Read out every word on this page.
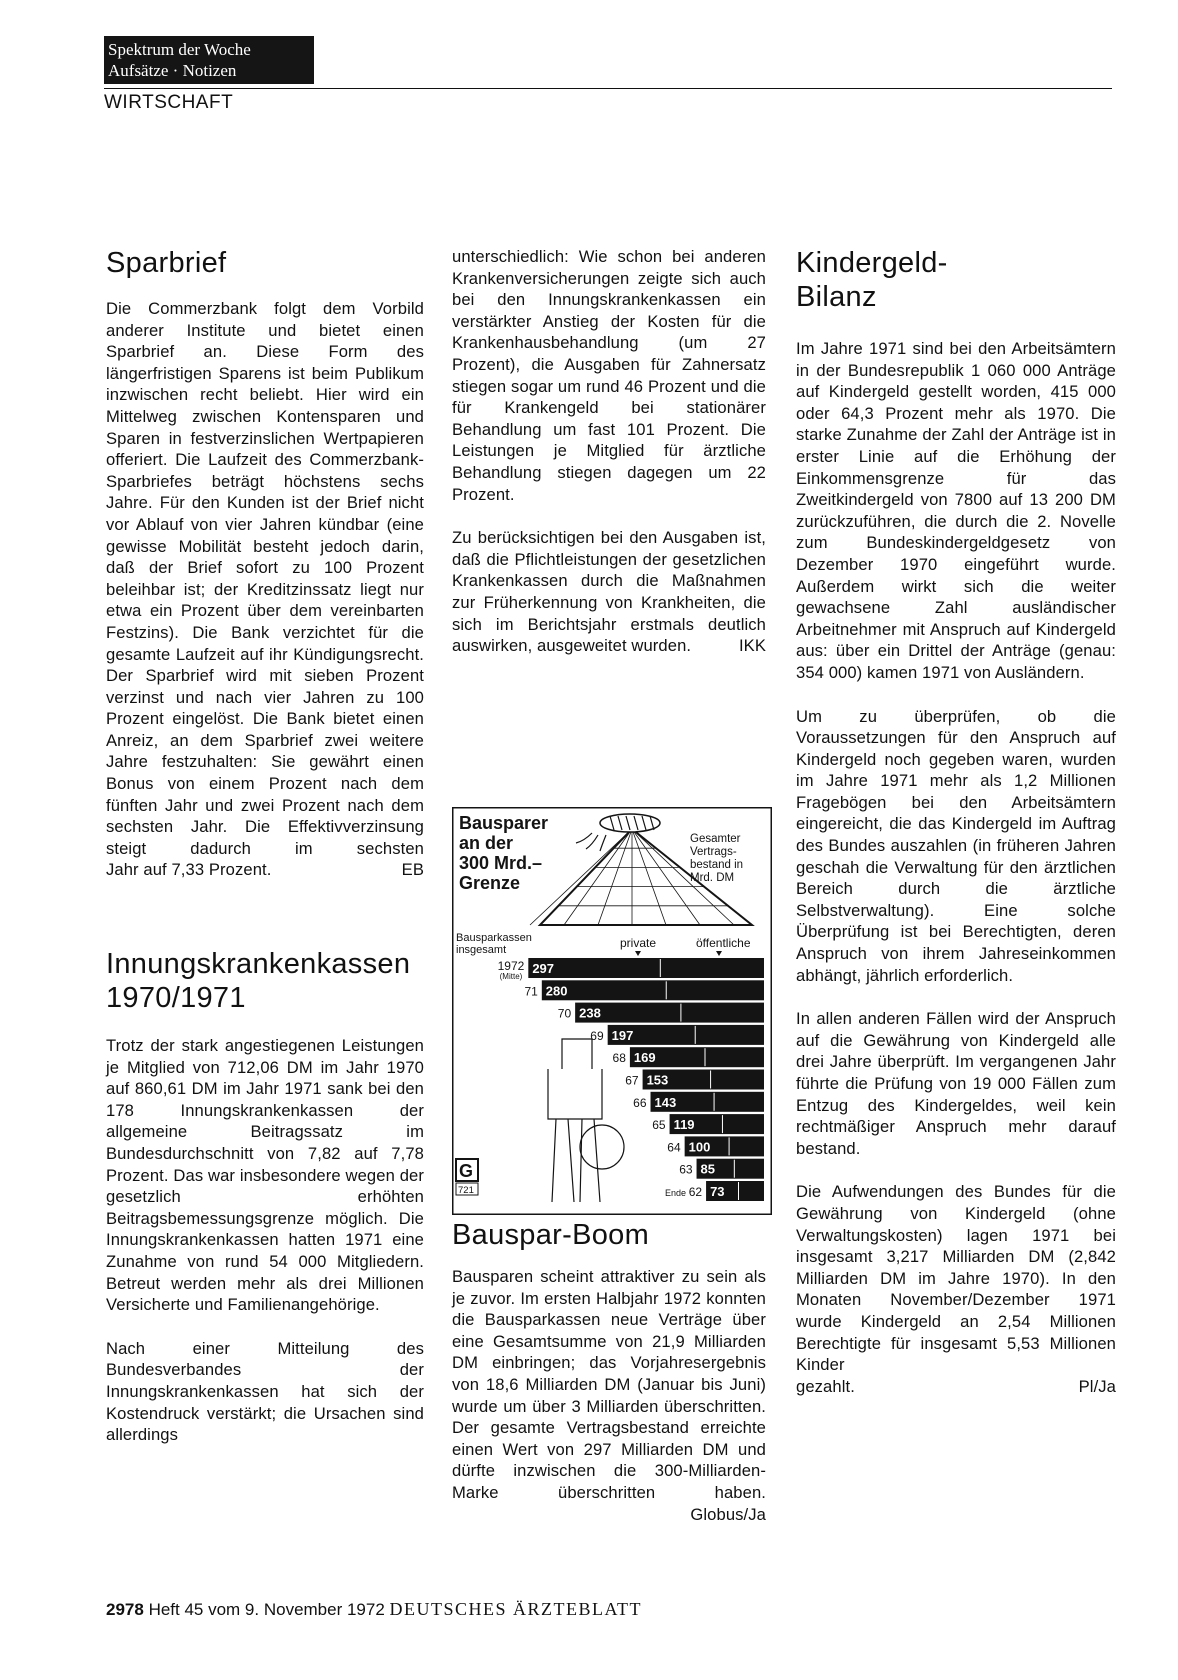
Spektrum der Woche
Aufsätze · Notizen
WIRTSCHAFT
Sparbrief

Die Commerzbank folgt dem Vorbild anderer Institute und bietet einen Sparbrief an. Diese Form des längerfristigen Sparens ist beim Publikum inzwischen recht beliebt. Hier wird ein Mittelweg zwischen Kontensparen und Sparen in festverzinslichen Wertpapieren offeriert. Die Laufzeit des Commerzbank-Sparbriefes beträgt höchstens sechs Jahre. Für den Kunden ist der Brief nicht vor Ablauf von vier Jahren kündbar (eine gewisse Mobilität besteht jedoch darin, daß der Brief sofort zu 100 Prozent beleihbar ist; der Kreditzinssatz liegt nur etwa ein Prozent über dem vereinbarten Festzins). Die Bank verzichtet für die gesamte Laufzeit auf ihr Kündigungsrecht. Der Sparbrief wird mit sieben Prozent verzinst und nach vier Jahren zu 100 Prozent eingelöst. Die Bank bietet einen Anreiz, an dem Sparbrief zwei weitere Jahre festzuhalten: Sie gewährt einen Bonus von einem Prozent nach dem fünften Jahr und zwei Prozent nach dem sechsten Jahr. Die Effektivverzinsung steigt dadurch im sechsten

Jahr auf 7,33 Prozent.	EB

Innungskrankenkassen
1970/1971

Trotz der stark angestiegenen Leistungen je Mitglied von 712,06 DM im Jahr 1970 auf 860,61 DM im Jahr 1971 sank bei den 178 Innungskrankenkassen der allgemeine Beitragssatz im Bundesdurchschnitt von 7,82 auf 7,78 Prozent. Das war insbesondere wegen der gesetzlich erhöhten Beitragsbemessungsgrenze möglich. Die Innungskrankenkassen hatten 1971 eine Zunahme von rund 54 000 Mitgliedern. Betreut werden mehr als drei Millionen Versicherte und Familienangehörige.

Nach einer Mitteilung des Bundesverbandes der Innungskrankenkassen hat sich der Kostendruck verstärkt; die Ursachen sind allerdings

unterschiedlich: Wie schon bei anderen Krankenversicherungen zeigte sich auch bei den Innungskrankenkassen ein verstärkter Anstieg der Kosten für die Krankenhausbehandlung (um 27 Prozent), die Ausgaben für Zahnersatz stiegen sogar um rund 46 Prozent und die für Krankengeld bei stationärer Behandlung um fast 101 Prozent. Die Leistungen je Mitglied für ärztliche Behandlung stiegen dagegen um 22 Prozent.

Zu berücksichtigen bei den Ausgaben ist, daß die Pflichtleistungen der gesetzlichen Krankenkassen durch die Maßnahmen zur Früherkennung von Krankheiten, die sich im Berichtsjahr erstmals deutlich

auswirken, ausgeweitet wurden.	IKK

Bausparer
an der
300 Mrd.–
Grenze
Gesamter
Vertrags-
bestand in
Mrd. DM
Bausparkassen
insgesamt	private	öffentliche
297
1972
(Mitte)
280
71
238
70
197
69
169
68
153
67
143
66
119
65
100
64
85
63
73
Ende 62
G
721
Bauspar-Boom

Bausparen scheint attraktiver zu sein als je zuvor. Im ersten Halbjahr 1972 konnten die Bausparkassen neue Verträge über eine Gesamtsumme von 21,9 Milliarden DM einbringen; das Vorjahresergebnis von 18,6 Milliarden DM (Januar bis Juni) wurde um über 3 Milliarden überschritten. Der gesamte Vertragsbestand erreichte einen Wert von 297 Milliarden DM und dürfte inzwischen die 300-Milliarden-Marke überschritten haben.

Globus/Ja

Kindergeld-
Bilanz

Im Jahre 1971 sind bei den Arbeitsämtern in der Bundesrepublik 1 060 000 Anträge auf Kindergeld gestellt worden, 415 000 oder 64,3 Prozent mehr als 1970. Die starke Zunahme der Zahl der Anträge ist in erster Linie auf die Erhöhung der Einkommensgrenze für das Zweitkindergeld von 7800 auf 13 200 DM zurückzuführen, die durch die 2. Novelle zum Bundeskindergeldgesetz von Dezember 1970 eingeführt wurde. Außerdem wirkt sich die weiter gewachsene Zahl ausländischer Arbeitnehmer mit Anspruch auf Kindergeld aus: über ein Drittel der Anträge (genau: 354 000) kamen 1971 von Ausländern.

Um zu überprüfen, ob die Voraussetzungen für den Anspruch auf Kindergeld noch gegeben waren, wurden im Jahre 1971 mehr als 1,2 Millionen Fragebögen bei den Arbeitsämtern eingereicht, die das Kindergeld im Auftrag des Bundes auszahlen (in früheren Jahren geschah die Verwaltung für den ärztlichen Bereich durch die ärztliche Selbstverwaltung). Eine solche Überprüfung ist bei Berechtigten, deren Anspruch von ihrem Jahreseinkommen abhängt, jährlich erforderlich.

In allen anderen Fällen wird der Anspruch auf die Gewährung von Kindergeld alle drei Jahre überprüft. Im vergangenen Jahr führte die Prüfung von 19 000 Fällen zum Entzug des Kindergeldes, weil kein rechtmäßiger Anspruch mehr darauf bestand.

Die Aufwendungen des Bundes für die Gewährung von Kindergeld (ohne Verwaltungskosten) lagen 1971 bei insgesamt 3,217 Milliarden DM (2,842 Milliarden DM im Jahre 1970). In den Monaten November/Dezember 1971 wurde Kindergeld an 2,54 Millionen Berechtigte für insgesamt 5,53 Millionen Kinder

gezahlt.	Pl/Ja

2978 Heft 45 vom 9. November 1972 DEUTSCHES ÄRZTEBLATT
